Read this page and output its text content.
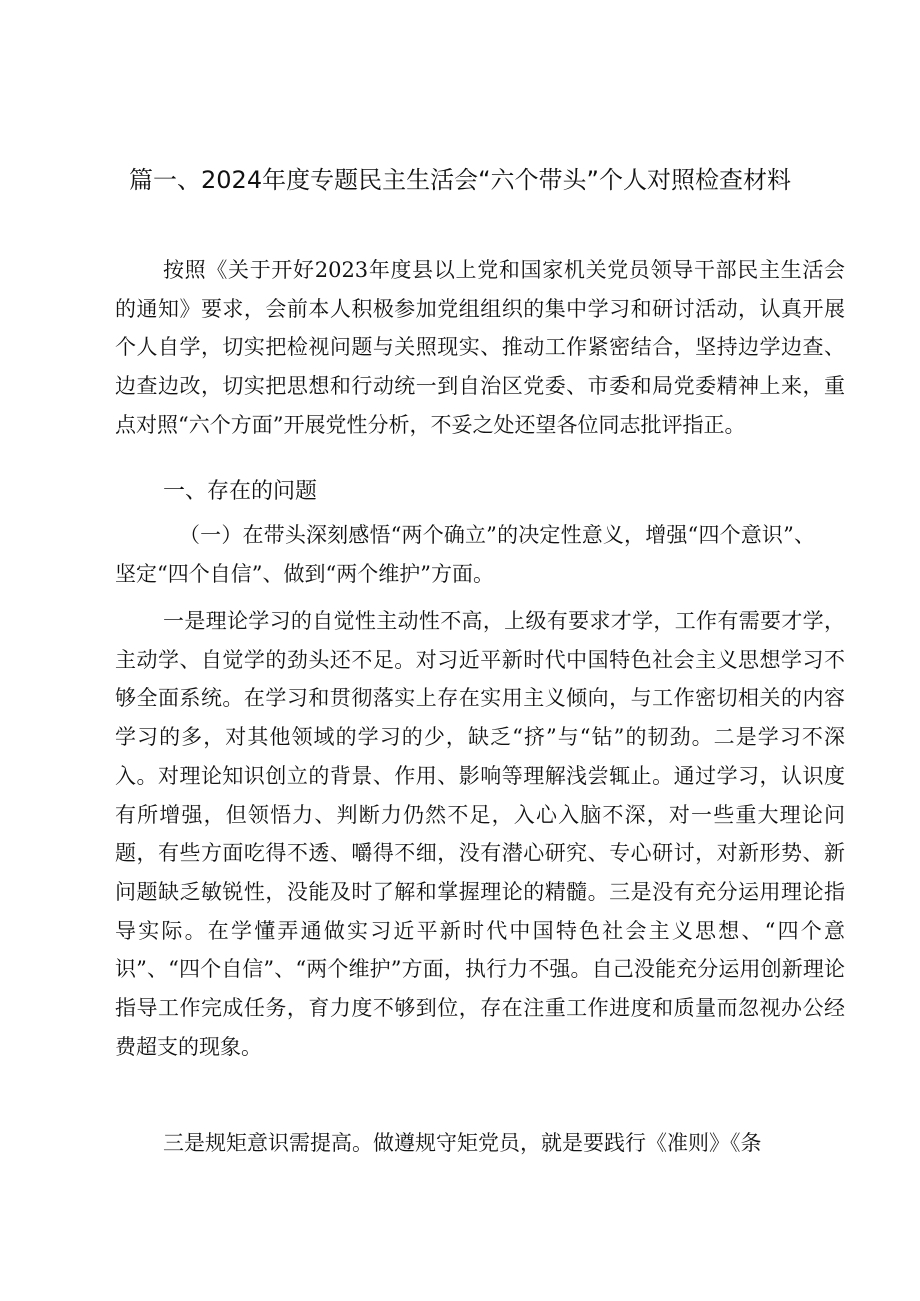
篇一、2024年度专题民主生活会“六个带头”个人对照检查材料

按照《关于开好2023年度县以上党和国家机关党员领导干部民主生活会的通知》要求，会前本人积极参加党组组织的集中学习和研讨活动，认真开展个人自学，切实把检视问题与关照现实、推动工作紧密结合，坚持边学边查、边查边改，切实把思想和行动统一到自治区党委、市委和局党委精神上来，重点对照“六个方面”开展党性分析，不妥之处还望各位同志批评指正。

一、存在的问题

（一）在带头深刻感悟“两个确立”的决定性意义，增强“四个意识”、坚定“四个自信”、做到“两个维护”方面。

一是理论学习的自觉性主动性不高，上级有要求才学，工作有需要才学，主动学、自觉学的劲头还不足。对习近平新时代中国特色社会主义思想学习不够全面系统。在学习和贯彻落实上存在实用主义倾向，与工作密切相关的内容学习的多，对其他领域的学习的少，缺乏“挤”与“钻”的韧劲。二是学习不深入。对理论知识创立的背景、作用、影响等理解浅尝辄止。通过学习，认识度有所增强，但领悟力、判断力仍然不足，入心入脑不深，对一些重大理论问题，有些方面吃得不透、嚼得不细，没有潜心研究、专心研讨，对新形势、新问题缺乏敏锐性，没能及时了解和掌握理论的精髓。三是没有充分运用理论指导实际。在学懂弄通做实习近平新时代中国特色社会主义思想、“四个意识”、“四个自信”、“两个维护”方面，执行力不强。自己没能充分运用创新理论指导工作完成任务，育力度不够到位，存在注重工作进度和质量而忽视办公经费超支的现象。

三是规矩意识需提高。做遵规守矩党员，就是要践行《准则》《条
